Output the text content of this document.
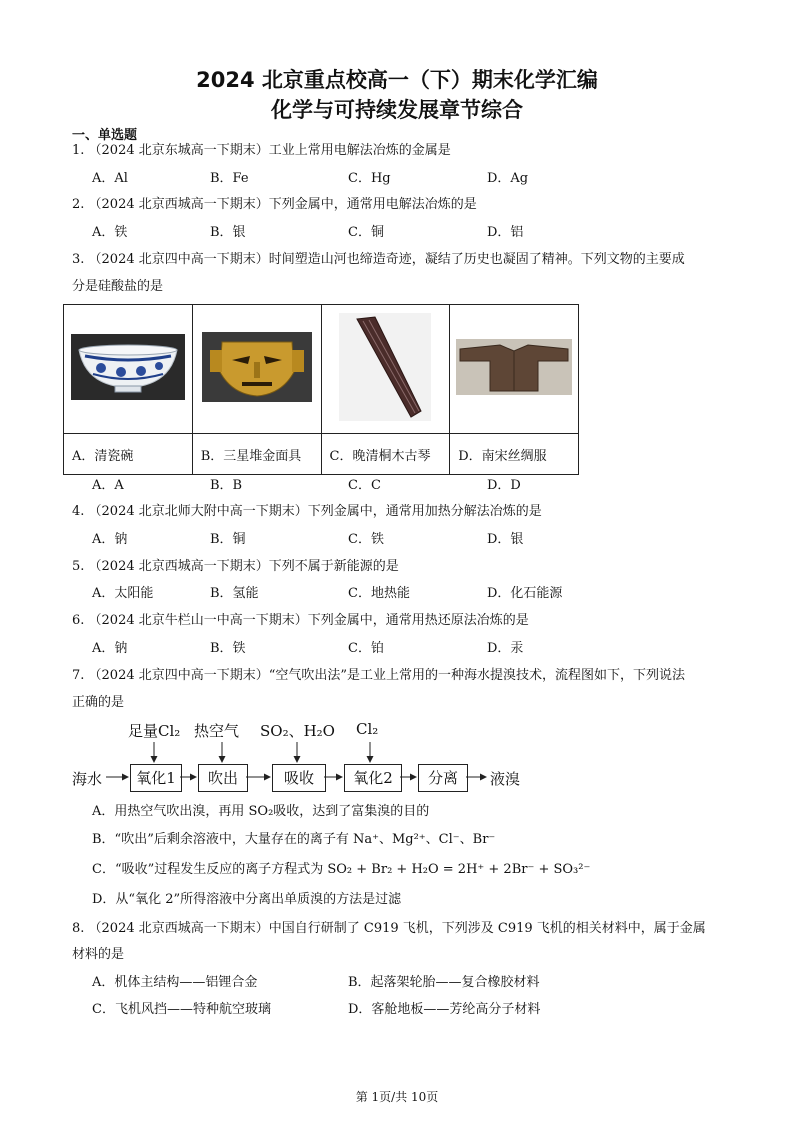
2024 北京重点校高一（下）期末化学汇编
化学与可持续发展章节综合
一、单选题
1. （2024 北京东城高一下期末）工业上常用电解法冶炼的金属是
A．Al	B．Fe	C．Hg	D．Ag
2. （2024 北京西城高一下期末）下列金属中，通常用电解法冶炼的是
A．铁	B．银	C．铜	D．铝
3. （2024 北京四中高一下期末）时间塑造山河也缔造奇迹，凝结了历史也凝固了精神。下列文物的主要成
分是硅酸盐的是

A．清瓷碗	B．三星堆金面具	C．晚清桐木古琴	D．南宋丝绸服
A．A	B．B	C．C	D．D
4. （2024 北京北师大附中高一下期末）下列金属中，通常用加热分解法冶炼的是
A．钠	B．铜	C．铁	D．银
5. （2024 北京西城高一下期末）下列不属于新能源的是
A．太阳能	B．氢能	C．地热能	D．化石能源
6. （2024 北京牛栏山一中高一下期末）下列金属中，通常用热还原法冶炼的是
A．钠	B．铁	C．铂	D．汞
7. （2024 北京四中高一下期末）“空气吹出法”是工业上常用的一种海水提溴技术，流程图如下，下列说法
正确的是
足量Cl₂ 热空气 SO₂、H₂O Cl₂
海水	氧化1	吹出	吸收	氧化2	分离	液溴
A．用热空气吹出溴，再用 SO₂吸收，达到了富集溴的目的
B．“吹出”后剩余溶液中，大量存在的离子有 Na⁺、Mg²⁺、Cl⁻、Br⁻
C．“吸收”过程发生反应的离子方程式为 SO₂ + Br₂ + H₂O = 2H⁺ + 2Br⁻ + SO₃²⁻
D．从“氧化 2”所得溶液中分离出单质溴的方法是过滤
8. （2024 北京西城高一下期末）中国自行研制了 C919 飞机，下列涉及 C919 飞机的相关材料中，属于金属
材料的是
A．机体主结构——铝锂合金	B．起落架轮胎——复合橡胶材料
C．飞机风挡——特种航空玻璃	D．客舱地板——芳纶高分子材料
第 1页/共 10页
